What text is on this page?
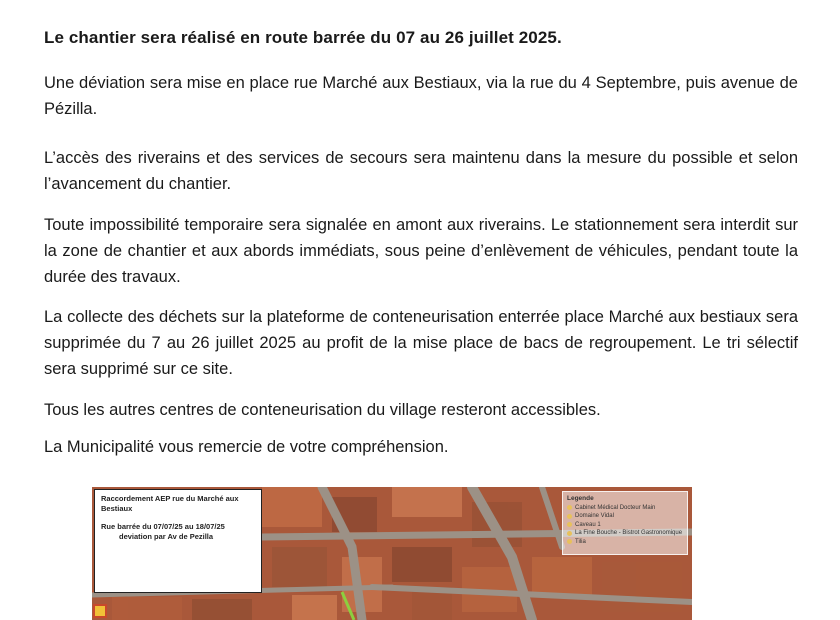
Le chantier sera réalisé en route barrée du 07 au 26 juillet 2025.

Une déviation sera mise en place rue Marché aux Bestiaux, via la rue du 4 Septembre, puis avenue de Pézilla.

L’accès des riverains et des services de secours sera maintenu dans la mesure du possible et selon l’avancement du chantier.

Toute impossibilité temporaire sera signalée en amont aux riverains. Le stationnement sera interdit sur la zone de chantier et aux abords immédiats, sous peine d’enlèvement de véhicules, pendant toute la durée des travaux.

La collecte des déchets sur la plateforme de conteneurisation enterrée place Marché aux bestiaux sera supprimée du 7 au 26 juillet 2025 au profit de la mise place de bacs de regroupement. Le tri sélectif sera supprimé sur ce site.

Tous les autres centres de conteneurisation du village resteront accessibles.

La Municipalité vous remercie de votre compréhension.

Raccordement AEP rue du Marché aux Bestiaux
Rue barrée du 07/07/25 au 18/07/25
deviation par Av de Pezilla
Legende
Cabinet Médical Docteur Main
Domaine Vidal
Caveau 1
La Fine Bouche - Bistrot Gastronomique
Tilia
